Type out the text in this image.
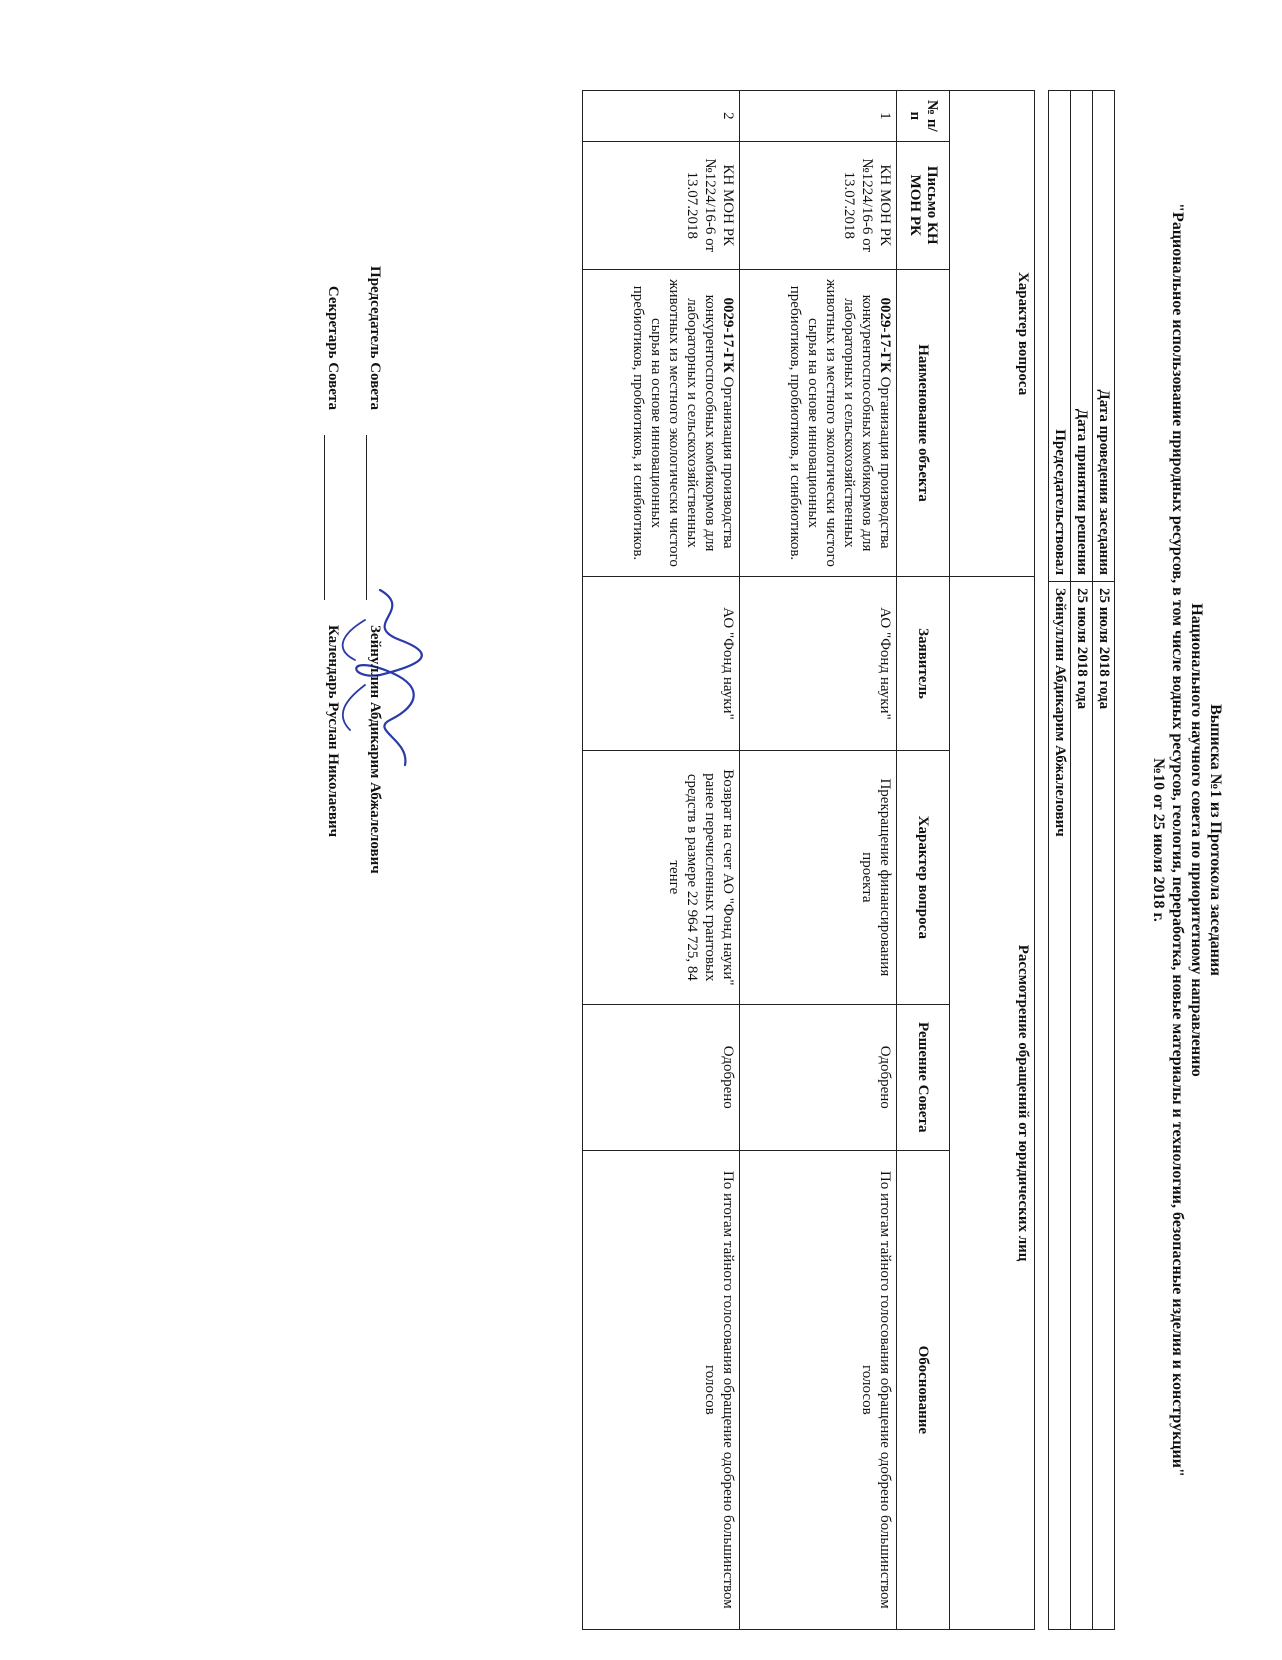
Выписка №1 из Протокола заседания
Национального научного совета по приоритетному направлению
"Рациональное использование природных ресурсов, в том числе водных ресурсов, геология, переработка, новые материалы и технологии, безопасные изделия и конструкции"
№10 от 25 июля 2018 г.
Дата проведения заседания	25 июля 2018 года
Дата принятия решения	25 июля 2018 года
Председательствовал	Зейнуллин Абдикарим Абжалелович
Характер вопроса			Рассмотрение обращений от юридических лиц			
№ п/п	Письмо КН МОН РК	Наименование объекта	Заявитель	Характер вопроса	Решение Совета	Обоснование
1	КН МОН РК №1224/16-6 от 13.07.2018	0029-17-ГК Организация производства конкурентоспособных комбикормов для лабораторных и сельскохозяйственных животных из местного экологически чистого сырья на основе инновационных пребиотиков, пробиотиков, и синбиотиков.	АО "Фонд науки"	Прекращение финансирования проекта	Одобрено	По итогам тайного голосования обращение одобрено большинством голосов
2	КН МОН РК №1224/16-6 от 13.07.2018	0029-17-ГК Организация производства конкурентоспособных комбикормов для лабораторных и сельскохозяйственных животных из местного экологически чистого сырья на основе инновационных пребиотиков, пробиотиков, и синбиотиков.	АО "Фонд науки"	Возврат на счет АО "Фонд науки" ранее перечисленных грантовых средств в размере 22 964 725, 84 тенге	Одобрено	По итогам тайного голосования обращение одобрено большинством голосов
Председатель Совета
Зейнуллин Абдикарим Абжалелович
Секретарь Совета
Календарь Руслан Николаевич
